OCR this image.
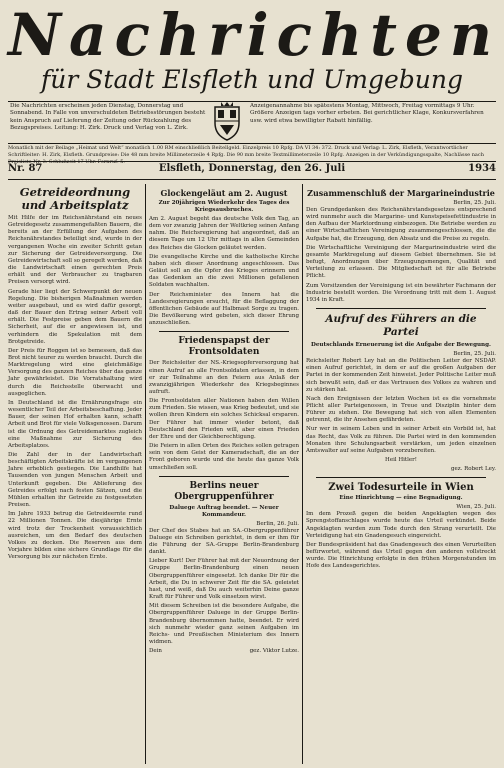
Nachrichten
für Stadt Elsfleth und Umgebung
Die Nachrichten erscheinen jeden Dienstag, Donnerstag und Sonnabend. In Falle von unverschuldeten Betriebsstörungen besteht kein Anspruch auf Lieferung der Zeitung oder Rückzahlung des Bezugspreises. Leitung: H. Zirk. Druck und Verlag von L. Zirk.
Anzeigenannahme bis spätestens Montag, Mittwoch, Freitag vormittags 9 Uhr. Größere Anzeigen tags vorher erbeten. Bei gerichtlicher Klage, Konkursverfahren usw. wird etwa bewilligter Rabatt hinfällig.
Monatlich mit der Beilage „Heimat und Welt“ monatlich 1.00 RM einschließlich Beitellgeld. Einzelpreis 10 Rpfg. DA VI 34: 372. Druck und Verlag: L. Zirk, Elsfleth, Verantwortlicher Schriftleiter: H. Zirk, Elsfleth. Grundpreise: Die 48 mm breite Millimeterzeile 4 Rpfg. Die 90 mm breite Textmillimeterzeile 10 Rpfg. Anzeigen in der Verkündigungsspalte, Nachlässe nach Preisliste Nr. 3. Schlußzeit 17 Uhr. Fernruf: 5.
Elsfleth, Donnerstag, den 26. Juli
Nr. 87	1934
Getreideordnung und Arbeitsplatz

Mit Hilfe der im Reichsnährstand ein neues Getreidegesetz zusammengefaßten Bauern, die bereits an der Erfüllung der Aufgaben des Reichsnährstandes beteiligt sind, wurde in der vergangenen Woche ein zweiter Schritt getan zur Sicherung der Getreideversorgung. Die Getreidewirtschaft soll so geregelt werden, daß die Landwirtschaft einen gerechten Preis erhält und der Verbraucher zu tragbaren Preisen versorgt wird.

Gerade hier liegt der Schwerpunkt der neuen Regelung. Die bisherigen Maßnahmen werden weiter ausgebaut, und es wird dafür gesorgt, daß der Bauer den Ertrag seiner Arbeit voll erhält. Die Festpreise geben dem Bauern die Sicherheit, auf die er angewiesen ist, und verhindern die Spekulation mit dem Brotgetreide.

Der Preis für Roggen ist so bemessen, daß das Brot nicht teurer zu werden braucht. Durch die Marktregelung wird eine gleichmäßige Versorgung des ganzen Reiches über das ganze Jahr gewährleistet. Die Vorratshaltung wird durch die Reichsstelle überwacht und ausgeglichen.

In Deutschland ist die Ernährungsfrage ein wesentlicher Teil der Arbeitsbeschaffung. Jeder Bauer, der seinen Hof erhalten kann, schafft Arbeit und Brot für viele Volksgenossen. Darum ist die Ordnung des Getreidemarktes zugleich eine Maßnahme zur Sicherung des Arbeitsplatzes.

Die Zahl der in der Landwirtschaft beschäftigten Arbeitskräfte ist im vergangenen Jahre erheblich gestiegen. Die Landhilfe hat Tausenden von jungen Menschen Arbeit und Unterkunft gegeben. Die Ablieferung des Getreides erfolgt nach festen Sätzen, und die Mühlen erhalten ihr Getreide zu festgesetzten Preisen.

Im Jahre 1933 betrug die Getreideernte rund 22 Millionen Tonnen. Die diesjährige Ernte wird trotz der Trockenheit voraussichtlich ausreichen, um den Bedarf des deutschen Volkes zu decken. Die Reserven aus dem Vorjahre bilden eine sichere Grundlage für die Versorgung bis zur nächsten Ernte.

Glockengeläut am 2. August
Zur 20jährigen Wiederkehr des Tages des Kriegsausbruches.

Am 2. August begeht das deutsche Volk den Tag, an dem vor zwanzig Jahren der Weltkrieg seinen Anfang nahm. Die Reichsregierung hat angeordnet, daß an diesem Tage um 12 Uhr mittags in allen Gemeinden des Reiches die Glocken geläutet werden.

Die evangelische Kirche und die katholische Kirche haben sich dieser Anordnung angeschlossen. Das Geläut soll an die Opfer des Krieges erinnern und das Gedenken an die zwei Millionen gefallenen Soldaten wachhalten.

Der Reichsminister des Innern hat die Landesregierungen ersucht, für die Beflaggung der öffentlichen Gebäude auf Halbmast Sorge zu tragen. Die Bevölkerung wird gebeten, sich dieser Ehrung anzuschließen.

Friedenspapst der Frontsoldaten

Der Reichsleiter der NS.-Kriegsopferversorgung hat einen Aufruf an alle Frontsoldaten erlassen, in dem er zur Teilnahme an den Feiern aus Anlaß der zwanzigjährigen Wiederkehr des Kriegsbeginnes aufruft.

Die Frontsoldaten aller Nationen haben den Willen zum Frieden. Sie wissen, was Krieg bedeutet, und sie wollen ihren Kindern ein solches Schicksal ersparen. Der Führer hat immer wieder betont, daß Deutschland den Frieden will, aber einen Frieden der Ehre und der Gleichberechtigung.

Die Feiern in allen Orten des Reiches sollen getragen sein von dem Geist der Kameradschaft, die an der Front geboren wurde und die heute das ganze Volk umschließen soll.

Berlins neuer Obergruppenführer
Daluege Auftrag beendet. — Neuer Kommandeur.

Berlin, 26. Juli.

Der Chef des Stabes hat an SA.-Obergruppenführer Daluege ein Schreiben gerichtet, in dem er ihm für die Führung der SA.-Gruppe Berlin-Brandenburg dankt.

Lieber Kurt! Der Führer hat mit der Neuordnung der Gruppe Berlin-Brandenburg einen neuen Obergruppenführer eingesetzt. Ich danke Dir für die Arbeit, die Du in schwerer Zeit für die SA. geleistet hast, und weiß, daß Du auch weiterhin Deine ganze Kraft für Führer und Volk einsetzen wirst.

Mit diesem Schreiben ist die besondere Aufgabe, die Obergruppenführer Daluege in der Gruppe Berlin-Brandenburg übernommen hatte, beendet. Er wird sich nunmehr wieder ganz seinen Aufgaben im Reichs- und Preußischen Ministerium des Innern widmen.

Dein	gez. Viktor Lutze.

Zusammenschluß der Margarineindustrie

Berlin, 25. Juli.

Den Grundgedanken des Reichsnährstandsgesetzes entsprechend wird nunmehr auch die Margarine- und Kunstspeisefettindustrie in den Aufbau der Marktordnung einbezogen. Die Betriebe werden zu einer Wirtschaftlichen Vereinigung zusammengeschlossen, die die Aufgabe hat, die Erzeugung, den Absatz und die Preise zu regeln.

Die Wirtschaftliche Vereinigung der Margarineindustrie wird die gesamte Marktregelung auf diesem Gebiet übernehmen. Sie ist befugt, Anordnungen über Erzeugungsmengen, Qualität und Verteilung zu erlassen. Die Mitgliedschaft ist für alle Betriebe Pflicht.

Zum Vorsitzenden der Vereinigung ist ein bewährter Fachmann der Industrie bestellt worden. Die Verordnung tritt mit dem 1. August 1934 in Kraft.

Aufruf des Führers an die Partei
Deutschlands Erneuerung ist die Aufgabe der Bewegung.

Berlin, 25. Juli.

Reichsleiter Robert Ley hat an die Politischen Leiter der NSDAP. einen Aufruf gerichtet, in dem er auf die großen Aufgaben der Partei in der kommenden Zeit hinweist. Jeder Politische Leiter muß sich bewußt sein, daß er das Vertrauen des Volkes zu wahren und zu stärken hat.

Nach den Ereignissen der letzten Wochen ist es die vornehmste Pflicht aller Parteigenossen, in Treue und Disziplin hinter dem Führer zu stehen. Die Bewegung hat sich von allen Elementen getrennt, die ihr Ansehen gefährdeten.

Nur wer in seinem Leben und in seiner Arbeit ein Vorbild ist, hat das Recht, das Volk zu führen. Die Partei wird in den kommenden Monaten ihre Schulungsarbeit verstärken, um jeden einzelnen Amtswalter auf seine Aufgaben vorzubereiten.

Heil Hitler!

gez. Robert Ley.

Zwei Todesurteile in Wien
Eine Hinrichtung — eine Begnadigung.

Wien, 25. Juli.

Im dem Prozeß gegen die beiden Angeklagten wegen des Sprengstoffanschlages wurde heute das Urteil verkündet. Beide Angeklagten wurden zum Tode durch den Strang verurteilt. Die Verteidigung hat ein Gnadengesuch eingereicht.

Der Bundespräsident hat das Gnadengesuch des einen Verurteilten befürwortet, während das Urteil gegen den anderen vollstreckt wurde. Die Hinrichtung erfolgte in den frühen Morgenstunden im Hofe des Landesgerichtes.
